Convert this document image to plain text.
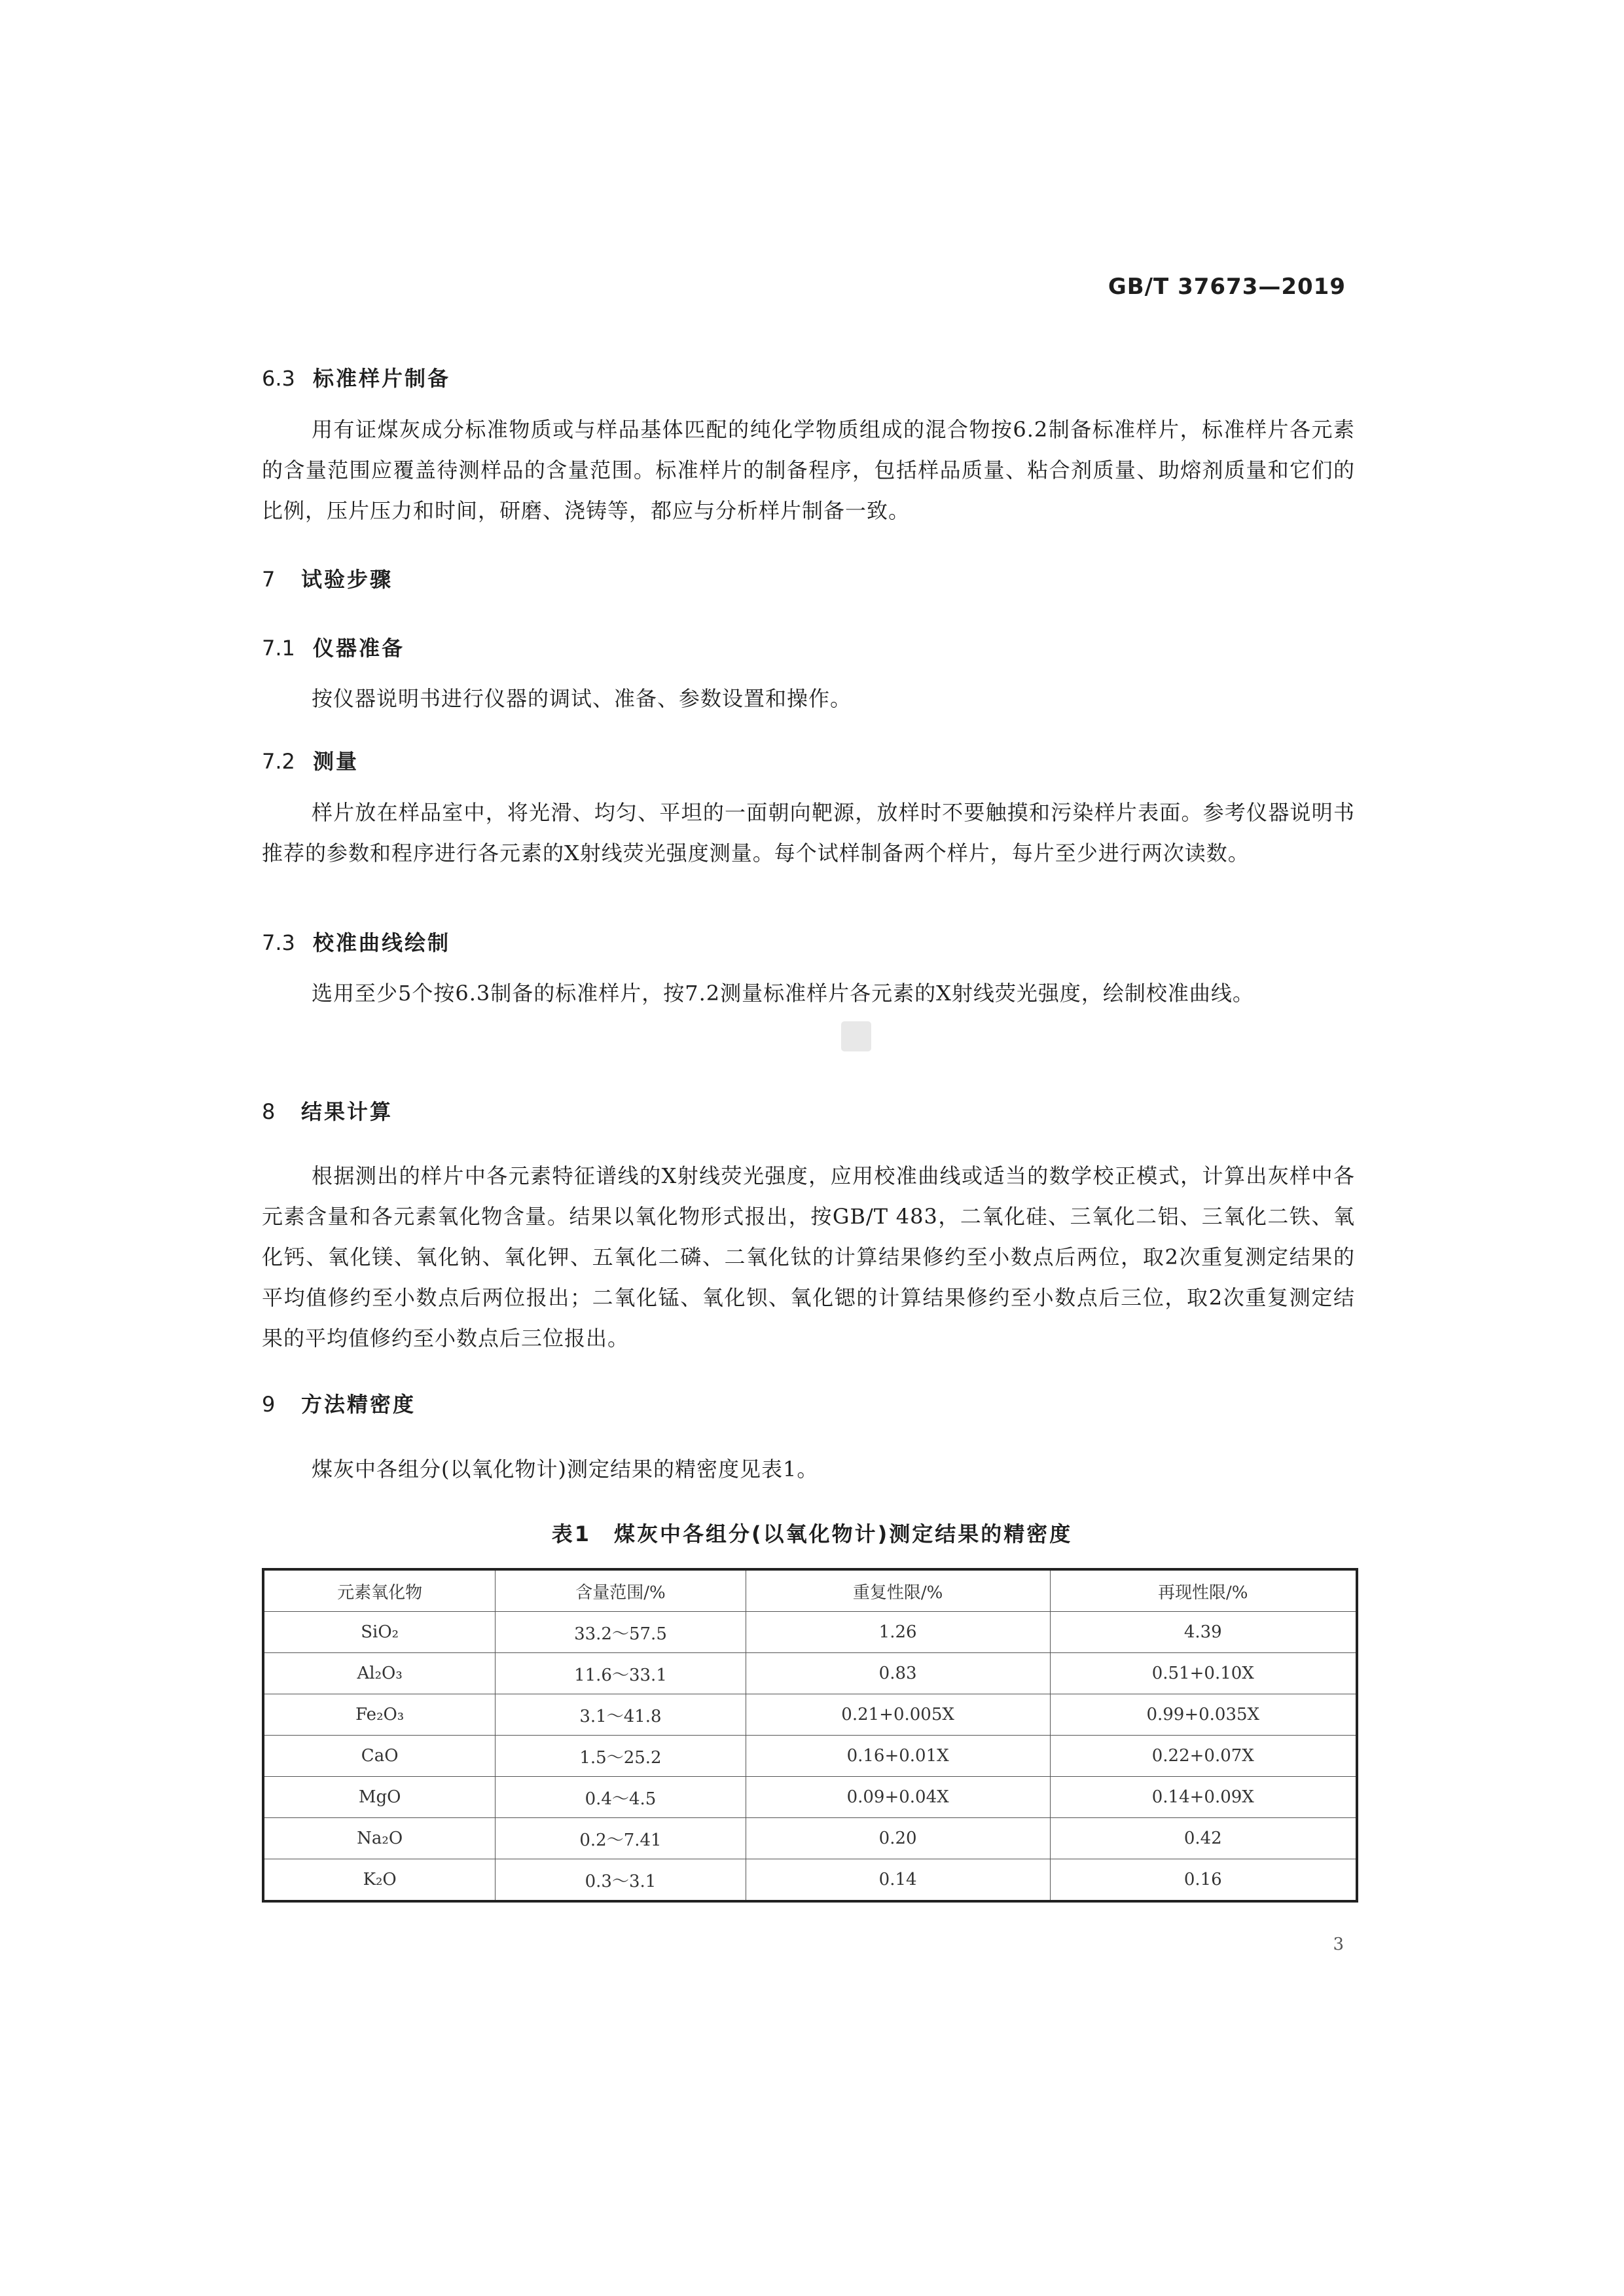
GB/T 37673—2019
6.3 标准样片制备
用有证煤灰成分标准物质或与样品基体匹配的纯化学物质组成的混合物按6.2制备标准样片，标准样片各元素的含量范围应覆盖待测样品的含量范围。标准样片的制备程序，包括样品质量、粘合剂质量、助熔剂质量和它们的比例，压片压力和时间，研磨、浇铸等，都应与分析样片制备一致。
7 试验步骤
7.1 仪器准备
按仪器说明书进行仪器的调试、准备、参数设置和操作。
7.2 测量
样片放在样品室中，将光滑、均匀、平坦的一面朝向靶源，放样时不要触摸和污染样片表面。参考仪器说明书推荐的参数和程序进行各元素的X射线荧光强度测量。每个试样制备两个样片，每片至少进行两次读数。
7.3 校准曲线绘制
选用至少5个按6.3制备的标准样片，按7.2测量标准样片各元素的X射线荧光强度，绘制校准曲线。
8 结果计算
根据测出的样片中各元素特征谱线的X射线荧光强度，应用校准曲线或适当的数学校正模式，计算出灰样中各元素含量和各元素氧化物含量。结果以氧化物形式报出，按GB/T 483，二氧化硅、三氧化二铝、三氧化二铁、氧化钙、氧化镁、氧化钠、氧化钾、五氧化二磷、二氧化钛的计算结果修约至小数点后两位，取2次重复测定结果的平均值修约至小数点后两位报出；二氧化锰、氧化钡、氧化锶的计算结果修约至小数点后三位，取2次重复测定结果的平均值修约至小数点后三位报出。
9 方法精密度
煤灰中各组分(以氧化物计)测定结果的精密度见表1。
表1　煤灰中各组分(以氧化物计)测定结果的精密度
元素氧化物	含量范围/%	重复性限/%	再现性限/%
SiO₂	33.2～57.5	1.26	4.39
Al₂O₃	11.6～33.1	0.83	0.51+0.10X
Fe₂O₃	3.1～41.8	0.21+0.005X	0.99+0.035X
CaO	1.5～25.2	0.16+0.01X	0.22+0.07X
MgO	0.4～4.5	0.09+0.04X	0.14+0.09X
Na₂O	0.2～7.41	0.20	0.42
K₂O	0.3～3.1	0.14	0.16
3
